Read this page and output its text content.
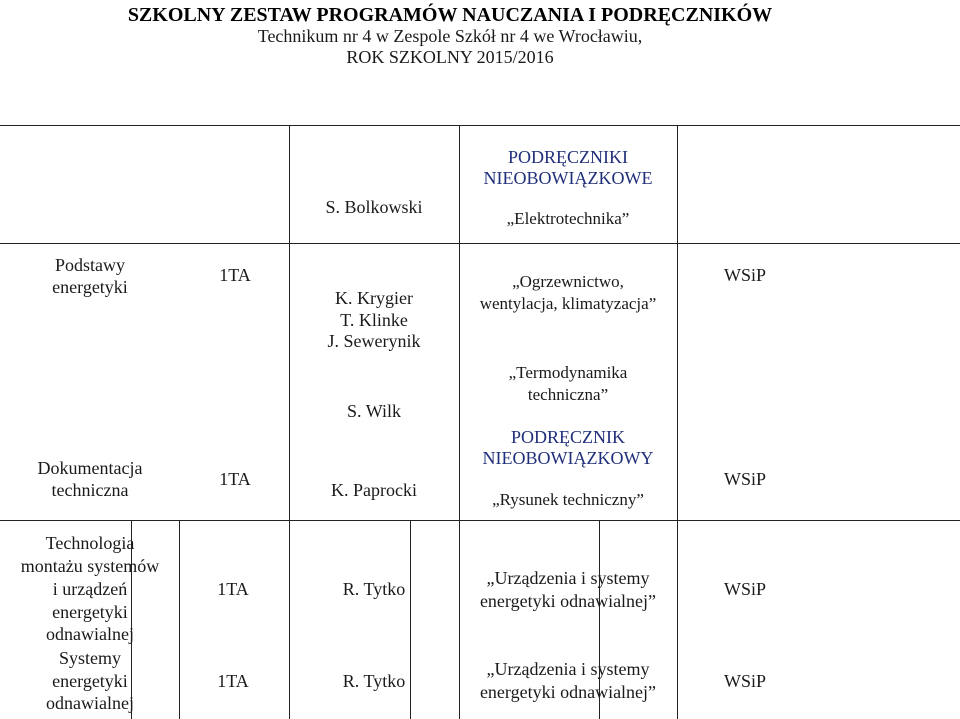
SZKOLNY ZESTAW PROGRAMÓW NAUCZANIA I PODRĘCZNIKÓW
Technikum nr 4 w Zespole Szkół nr 4 we Wrocławiu,
ROK SZKOLNY 2015/2016
S. Bolkowski
PODRĘCZNIKI
NIEOBOWIĄZKOWE
„Elektrotechnika”
Podstawy
energetyki
1TA
K. Krygier
T. Klinke
J. Sewerynik
S. Wilk
„Ogrzewnictwo,
wentylacja, klimatyzacja”
„Termodynamika
techniczna”
WSiP
Dokumentacja
techniczna
1TA
K. Paprocki
PODRĘCZNIK
NIEOBOWIĄZKOWY
„Rysunek techniczny”
WSiP
Technologia
montażu systemów
i urządzeń
energetyki
odnawialnej
1TA	R. Tytko
„Urządzenia i systemy
energetyki odnawialnej”
WSiP
Systemy
energetyki
odnawialnej
1TA	R. Tytko
„Urządzenia i systemy
energetyki odnawialnej”
WSiP
